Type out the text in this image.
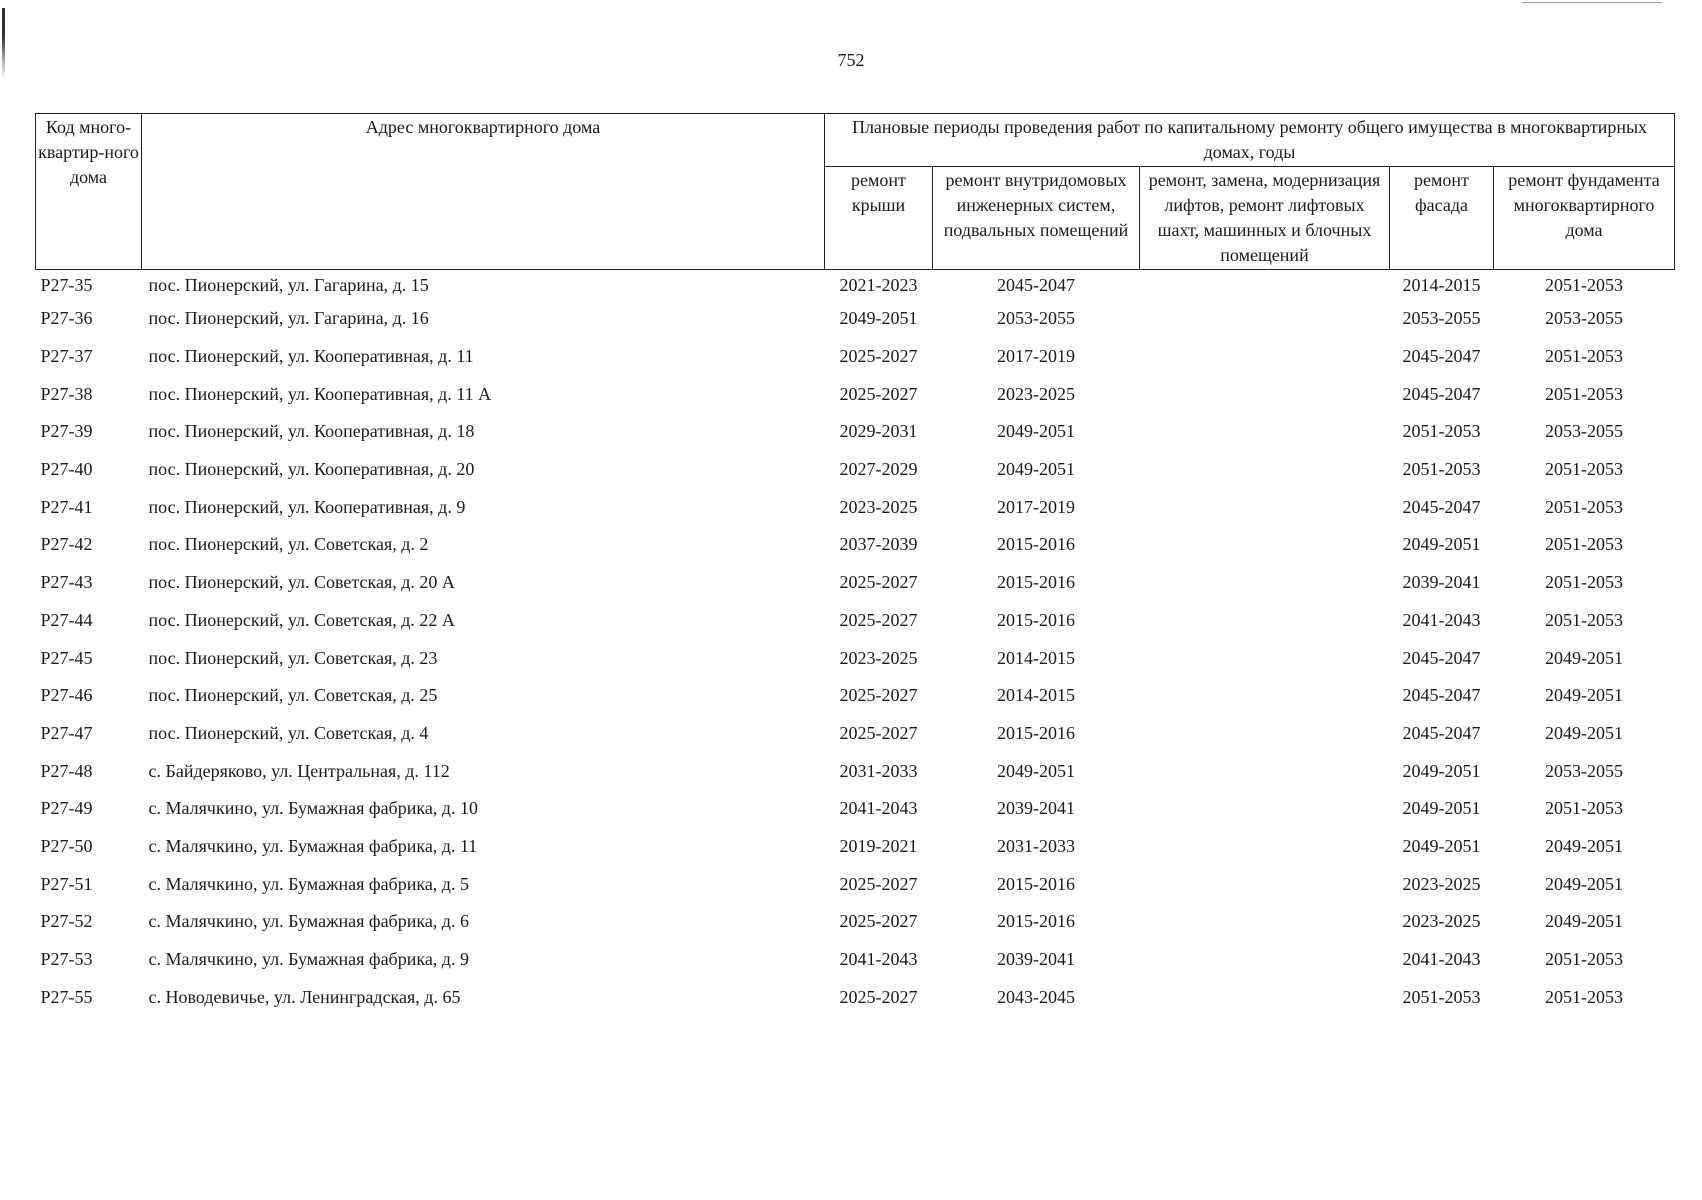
752
Код много-квартир-ного дома	Адрес многоквартирного дома	Плановые периоды проведения работ по капитальному ремонту общего имущества в многоквартирных домах, годы				
		ремонт крыши	ремонт внутридомовых инженерных систем, подвальных помещений	ремонт, замена, модернизация лифтов, ремонт лифтовых шахт, машинных и блочных помещений	ремонт фасада	ремонт фундамента многоквартирного дома
P27-35	пос. Пионерский, ул. Гагарина, д. 15	2021-2023	2045-2047		2014-2015	2051-2053
P27-36	пос. Пионерский, ул. Гагарина, д. 16	2049-2051	2053-2055		2053-2055	2053-2055
P27-37	пос. Пионерский, ул. Кооперативная, д. 11	2025-2027	2017-2019		2045-2047	2051-2053
P27-38	пос. Пионерский, ул. Кооперативная, д. 11 А	2025-2027	2023-2025		2045-2047	2051-2053
P27-39	пос. Пионерский, ул. Кооперативная, д. 18	2029-2031	2049-2051		2051-2053	2053-2055
P27-40	пос. Пионерский, ул. Кооперативная, д. 20	2027-2029	2049-2051		2051-2053	2051-2053
P27-41	пос. Пионерский, ул. Кооперативная, д. 9	2023-2025	2017-2019		2045-2047	2051-2053
P27-42	пос. Пионерский, ул. Советская, д. 2	2037-2039	2015-2016		2049-2051	2051-2053
P27-43	пос. Пионерский, ул. Советская, д. 20 А	2025-2027	2015-2016		2039-2041	2051-2053
P27-44	пос. Пионерский, ул. Советская, д. 22 А	2025-2027	2015-2016		2041-2043	2051-2053
P27-45	пос. Пионерский, ул. Советская, д. 23	2023-2025	2014-2015		2045-2047	2049-2051
P27-46	пос. Пионерский, ул. Советская, д. 25	2025-2027	2014-2015		2045-2047	2049-2051
P27-47	пос. Пионерский, ул. Советская, д. 4	2025-2027	2015-2016		2045-2047	2049-2051
P27-48	с. Байдеряково, ул. Центральная, д. 112	2031-2033	2049-2051		2049-2051	2053-2055
P27-49	с. Малячкино, ул. Бумажная фабрика, д. 10	2041-2043	2039-2041		2049-2051	2051-2053
P27-50	с. Малячкино, ул. Бумажная фабрика, д. 11	2019-2021	2031-2033		2049-2051	2049-2051
P27-51	с. Малячкино, ул. Бумажная фабрика, д. 5	2025-2027	2015-2016		2023-2025	2049-2051
P27-52	с. Малячкино, ул. Бумажная фабрика, д. 6	2025-2027	2015-2016		2023-2025	2049-2051
P27-53	с. Малячкино, ул. Бумажная фабрика, д. 9	2041-2043	2039-2041		2041-2043	2051-2053
P27-55	с. Новодевичье, ул. Ленинградская, д. 65	2025-2027	2043-2045		2051-2053	2051-2053
